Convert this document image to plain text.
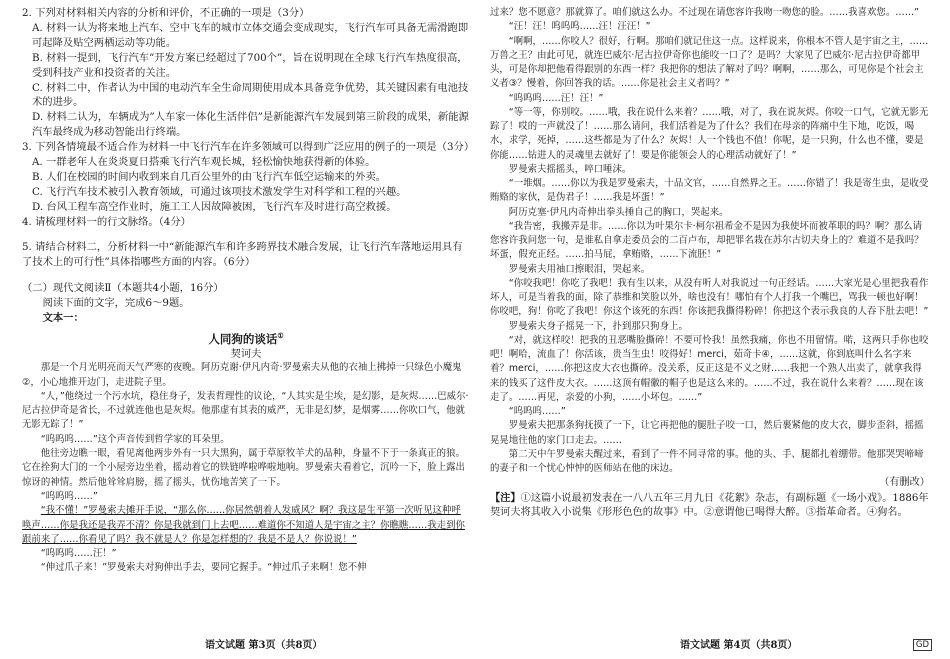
2. 下列对材料相关内容的分析和评价，不正确的一项是（3分）

A. 材料一认为将来地上汽车、空中飞车的城市立体交通会变成现实，飞行汽车可具备无需滑跑即可起降及贴空两栖运动等功能。

B. 材料一提到，飞行汽车”开发方案已经超过了700个”，旨在说明现在全球飞行汽车热度很高，受到科技产业和投资者的关注。

C. 材料二中，作者认为中国的电动汽车全生命周期使用成本具备竞争优势，其关键因素有电池技术的进步。

D. 材料二认为，车辆成为”人车家一体化生活伴侣”是新能源汽车发展到第三阶段的成果，新能源汽车最终成为移动智能出行终端。

3. 下列各情境最不适合作为材料一中飞行汽车在许多领域可以得到广泛应用的例子的一项是（3分）

A. 一群老年人在炎炎夏日搭乘飞行汽车观长城，轻松愉快地获得新的体验。

B. 人们在校园的时间内收到来自几百公里外的由飞行汽车低空运输来的外卖。

C. 飞行汽车技术被引入教育领域，可通过该项技术激发学生对科学和工程的兴趣。

D. 台风工程车高空作业时，施工工人因故障被困，飞行汽车及时进行高空救援。

4. 请梳理材料一的行文脉络。（4分）

5. 请结合材料二，分析材料一中“新能源汽车和许多跨界技术融合发展，让飞行汽车落地运用具有了技术上的可行性”具体指哪些方面的内容。（6分）

（二）现代文阅读Ⅱ（本题共4小题，16分）

阅读下面的文字，完成6～9题。

文本一：

人同狗的谈话①

契诃夫

那是一个月光明亮而天气严寒的夜晚。阿历克谢·伊凡内奇·罗曼索夫从他的衣袖上拂掉一只绿色小魔鬼②，小心地推开边门，走进院子里。

“人，”他绕过一个污水坑，稳住身子，发表哲理性的议论，“人其实是尘埃，是幻影，是灰烬……巴威尔·尼古拉伊奇是省长，不过就连他也是灰烬。他那虚有其表的威严，无非是幻梦，是烟雾……你吹口气，他就无影无踪了！”

“呜呜呜……”这个声音传到哲学家的耳朵里。

他往旁边瞧一眼，看见离他两步外有一只大黑狗，属于草原牧羊犬的品种，身量不下于一条真正的狼。它在拴狗大门的一个小屋旁边坐着，摇动着它的铁链哗啦哗啦地响。罗曼索夫看着它，沉吟一下，脸上露出惊讶的神情。然后他耸耸肩膀，摇了摇头，忧伤地苦笑了一下。

“呜呜呜……”

“我不懂！”罗曼索夫摊开手说，“那么你……你居然朝着人发威风？啊？我这是生平第一次听见这种呼唤声……你是我还是我弄不清？你是我就到门上去吧……难道你不知道人是宇宙之主？你瞧瞧……我走到你跟前来了……你看见了吗？我不就是人？你是怎样想的？我是不是人？你说说！”

“呜呜呜……汪！”

“伸过爪子来！”罗曼索夫对狗伸出手去，要同它握手。“伸过爪子来啊！您不伸

语文试题 第3页（共8页）

过来？您不愿意？那就算了。咱们就这么办。不过现在请您容许我吻一吻您的脸。……我喜欢您。……”

“汪！汪！呜呜呜……汪！汪汪！”

“啊啊，……你咬人？很好，行啊。那咱们就记住这一点。这样说来，你根本不管人是宇宙之主，……万兽之王？由此可见，就连巴威尔·尼古拉伊奇你也能咬一口了？是吗？大家见了巴威尔·尼古拉伊奇都甲头，可是你却把他看得跟别的东西一样？我把你的想法了解对了吗？啊啊，……那么，可见你是个社会主义者③？慢着，你回答我的话。……你是社会主义者吗？”

“呜呜呜……汪！汪！”

“等一等，你别咬。……哦，我在说什么来着？……哦，对了，我在说灰烬。你咬一口气，它就无影无踪了！哎的一声就没了！……那么请问，我们活着是为了什么？我们在母亲的阵痛中生下地，吃饭，喝水，求学，死掉，……这些都是为了什么？灰烬！人一个钱也不值！你呢，是一只狗，什么也不懂，要是你能……钻进人的灵魂里去就好了！要是你能领会人的心理活动就好了！”

罗曼索夫摇摇头，啐口唾沫。

“一堆烟。……你以为我是罗曼索夫，十品文官，……自然界之王。……你错了！我是寄生虫，是收受贿赂的家伙，是伪君子！……我是坏蛋！”

阿历克塞·伊凡内奇伸出拳头捶自己的胸口，哭起来。

“我告密，我搬弄是非。……你以为叶果尔卡·柯尔祖希金不是因为我使坏而被革职的吗？啊？那么请您容许我问您一句，是谁私自拿走委员会的二百卢布，却把罪名栽在苏尔古切夫身上的？难道不是我吗？坏蛋，假充正经。……拍马屁，拿贿赂，……下流胚！”

罗曼索夫用袖口擦眼泪，哭起来。

“你咬我吧！你吃了我吧！我有生以来，从没有听人对我说过一句正经话。……大家光是心里把我看作坏人，可是当着我的面，除了恭维和笑脸以外，啥也没有！哪怕有个人打我一个嘴巴，骂我一顿也好啊！你咬吧，狗！你吃了我吧！你这个该死的东西！你该把我撕得粉碎！你把这个表示我良的人吞下肚去吧！”

罗曼索夫身子摇晃一下，扑到那只狗身上。

“对，就这样咬！把我的丑恶嘴脸撕碎！不要可怜我！虽然我痛，你也不用留情。喏，这两只手你也咬吧！啊哈，流血了！你活该，贵当生虫！咬得好！merci，茹奇卡④，……这就，你到底叫什么名字来着？merci，……你把这皮大衣也撕碎。没关系，反正这是不义之财……我把一个熟人出卖了，就拿我得来的钱买了这件皮大衣。……这顶有帽徽的帽子也是这么来的。……不过，我在说什么来着？……现在该走了。……再见，亲爱的小狗，……小坏包。……”

“呜呜呜……”

罗曼索夫把那条狗抚摸了一下，让它再把他的腿肚子咬一口，然后裹紧他的皮大衣，脚步歪斜，摇摇晃晃地往他的家门口走去。……

第二天中午罗曼索夫醒过来，看到了一件不同寻常的事。他的头、手、腿都扎着绷带。他那哭哭啼啼的妻子和一个忧心忡忡的医师站在他的床边。

（有删改）

【注】①这篇小说最初发表在一八八五年三月九日《花絮》杂志，有副标题《一场小戏》。1886年契诃夫将其收入小说集《形形色色的故事》中。②意谓他已喝得大醉。③指革命者。④狗名。

语文试题 第4页（共8页）	GD
